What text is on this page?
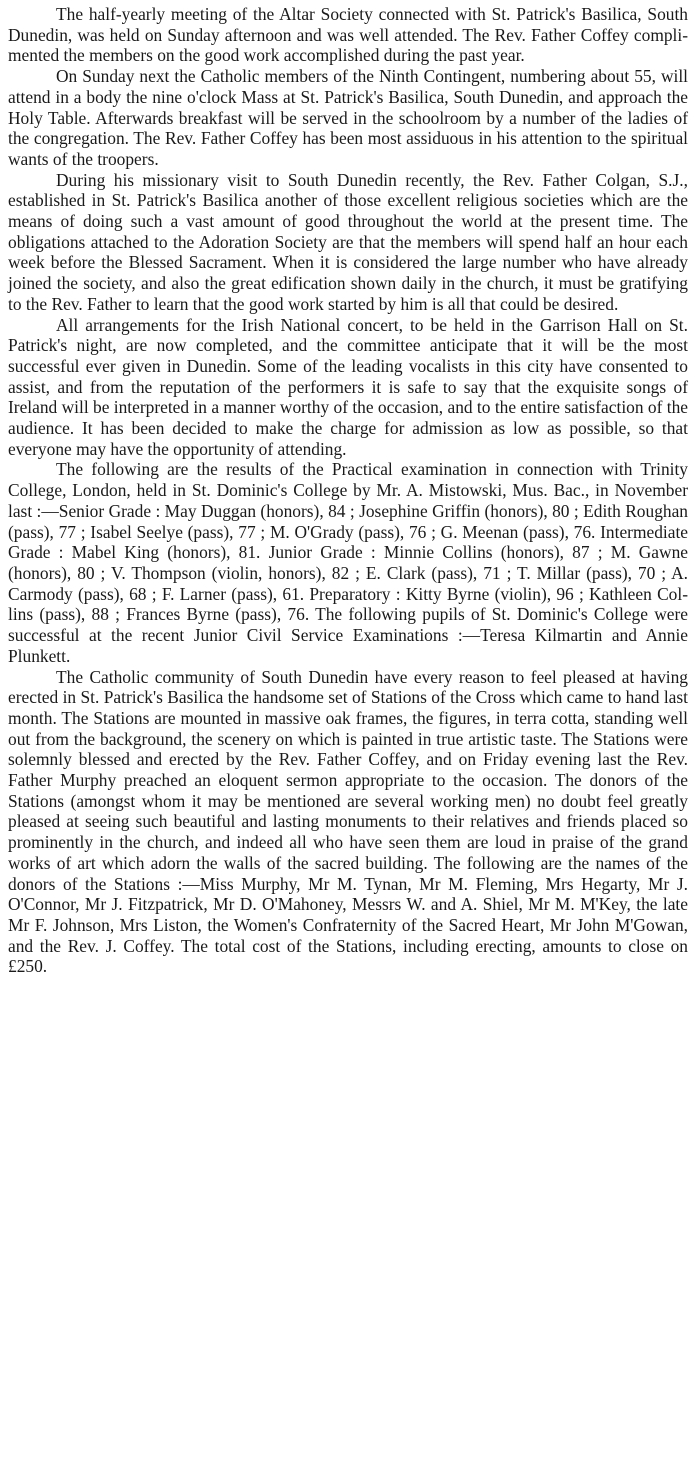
The half-yearly meeting of the Altar Society connected with St. Patrick's Basilica, South Dunedin, was held on Sunday afternoon and was well attended. The Rev. Father Coffey complimented the members on the good work accomplished during the past year.

On Sunday next the Catholic members of the Ninth Contingent, numbering about 55, will attend in a body the nine o'clock Mass at St. Patrick's Basilica, South Dunedin, and approach the Holy Table. Afterwards breakfast will be served in the schoolroom by a number of the ladies of the congregation. The Rev. Father Coffey has been most assiduous in his attention to the spiritual wants of the troopers.

During his missionary visit to South Dunedin recently, the Rev. Father Colgan, S.J., established in St. Patrick's Basilica another of those excellent religious societies which are the means of doing such a vast amount of good throughout the world at the present time. The obligations attached to the Adoration Society are that the members will spend half an hour each week before the Blessed Sacrament. When it is considered the large number who have already joined the society, and also the great edification shown daily in the church, it must be gratifying to the Rev. Father to learn that the good work started by him is all that could be desired.

All arrangements for the Irish National concert, to be held in the Garrison Hall on St. Patrick's night, are now completed, and the committee anticipate that it will be the most successful ever given in Dunedin. Some of the leading vocalists in this city have consented to assist, and from the reputation of the performers it is safe to say that the exquisite songs of Ireland will be interpreted in a manner worthy of the occasion, and to the entire satisfaction of the audience. It has been decided to make the charge for admission as low as possible, so that everyone may have the opportunity of attending.

The following are the results of the Practical examination in connection with Trinity College, London, held in St. Dominic's College by Mr. A. Mistowski, Mus. Bac., in November last :—Senior Grade : May Duggan (honors), 84 ; Josephine Griffin (honors), 80 ; Edith Roughan (pass), 77 ; Isabel Seelye (pass), 77 ; M. O'Grady (pass), 76 ; G. Meenan (pass), 76. Intermediate Grade : Mabel King (honors), 81. Junior Grade : Minnie Collins (honors), 87 ; M. Gawne (honors), 80 ; V. Thompson (violin, honors), 82 ; E. Clark (pass), 71 ; T. Millar (pass), 70 ; A. Carmody (pass), 68 ; F. Larner (pass), 61. Preparatory : Kitty Byrne (violin), 96 ; Kathleen Collins (pass), 88 ; Frances Byrne (pass), 76. The following pupils of St. Dominic's College were successful at the recent Junior Civil Service Examinations :—Teresa Kilmartin and Annie Plunkett.

The Catholic community of South Dunedin have every reason to feel pleased at having erected in St. Patrick's Basilica the handsome set of Stations of the Cross which came to hand last month. The Stations are mounted in massive oak frames, the figures, in terra cotta, standing well out from the background, the scenery on which is painted in true artistic taste. The Stations were solemnly blessed and erected by the Rev. Father Coffey, and on Friday evening last the Rev. Father Murphy preached an eloquent sermon appropriate to the occasion. The donors of the Stations (amongst whom it may be mentioned are several working men) no doubt feel greatly pleased at seeing such beautiful and lasting monuments to their relatives and friends placed so prominently in the church, and indeed all who have seen them are loud in praise of the grand works of art which adorn the walls of the sacred building. The following are the names of the donors of the Stations :—Miss Murphy, Mr M. Tynan, Mr M. Fleming, Mrs Hegarty, Mr J. O'Connor, Mr J. Fitzpatrick, Mr D. O'Mahoney, Messrs W. and A. Shiel, Mr M. M'Key, the late Mr F. Johnson, Mrs Liston, the Women's Confraternity of the Sacred Heart, Mr John M'Gowan, and the Rev. J. Coffey. The total cost of the Stations, including erecting, amounts to close on £250.
